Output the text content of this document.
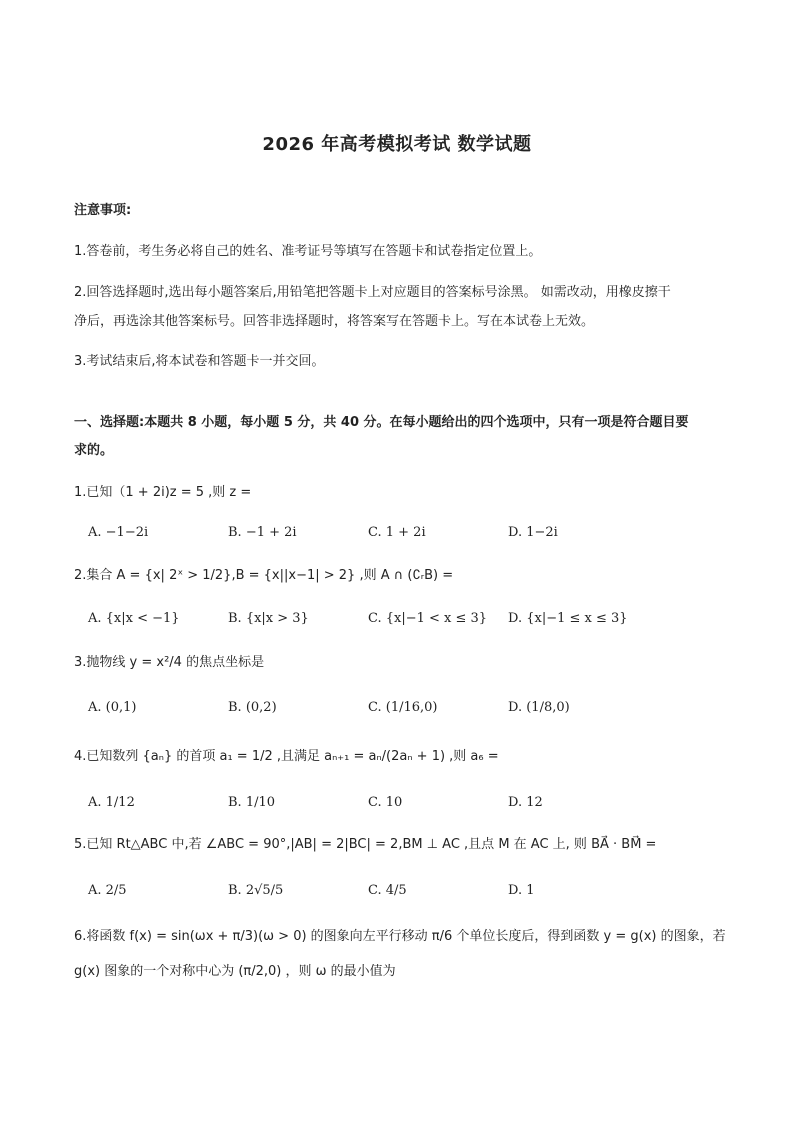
2026 年高考模拟考试 数学试题
注意事项:
1.答卷前，考生务必将自己的姓名、准考证号等填写在答题卡和试卷指定位置上。
2.回答选择题时,选出每小题答案后,用铅笔把答题卡上对应题目的答案标号涂黑。 如需改动，用橡皮擦干
净后，再选涂其他答案标号。回答非选择题时，将答案写在答题卡上。写在本试卷上无效。
3.考试结束后,将本试卷和答题卡一并交回。
一、选择题:本题共 8 小题，每小题 5 分，共 40 分。在每小题给出的四个选项中，只有一项是符合题目要
求的。
1.已知（1 + 2i)z = 5 ,则 z =
A. −1−2i	B. −1 + 2i	C. 1 + 2i	D. 1−2i
2.集合 A = {x| 2ˣ > 1/2},B = {x||x−1| > 2} ,则 A ∩ (∁ᵣB) =
A. {x|x < −1}	B. {x|x > 3}	C. {x|−1 < x ≤ 3} D. {x|−1 ≤ x ≤ 3}
3.抛物线 y = x²/4 的焦点坐标是
A. (0,1)	B. (0,2)	C. (1/16,0)	D. (1/8,0)
4.已知数列 {aₙ} 的首项 a₁ = 1/2 ,且满足 aₙ₊₁ = aₙ/(2aₙ + 1) ,则 a₆ =
A. 1/12	B. 1/10	C. 10	D. 12
5.已知 Rt△ABC 中,若 ∠ABC = 90°,|AB| = 2|BC| = 2,BM ⊥ AC ,且点 M 在 AC 上, 则 BA⃗ · BM⃗ =
A. 2/5	B. 2√5/5	C. 4/5	D. 1
6.将函数 f(x) = sin(ωx + π/3)(ω > 0) 的图象向左平行移动 π/6 个单位长度后，得到函数 y = g(x) 的图象，若
g(x) 图象的一个对称中心为 (π/2,0) ，则 ω 的最小值为
